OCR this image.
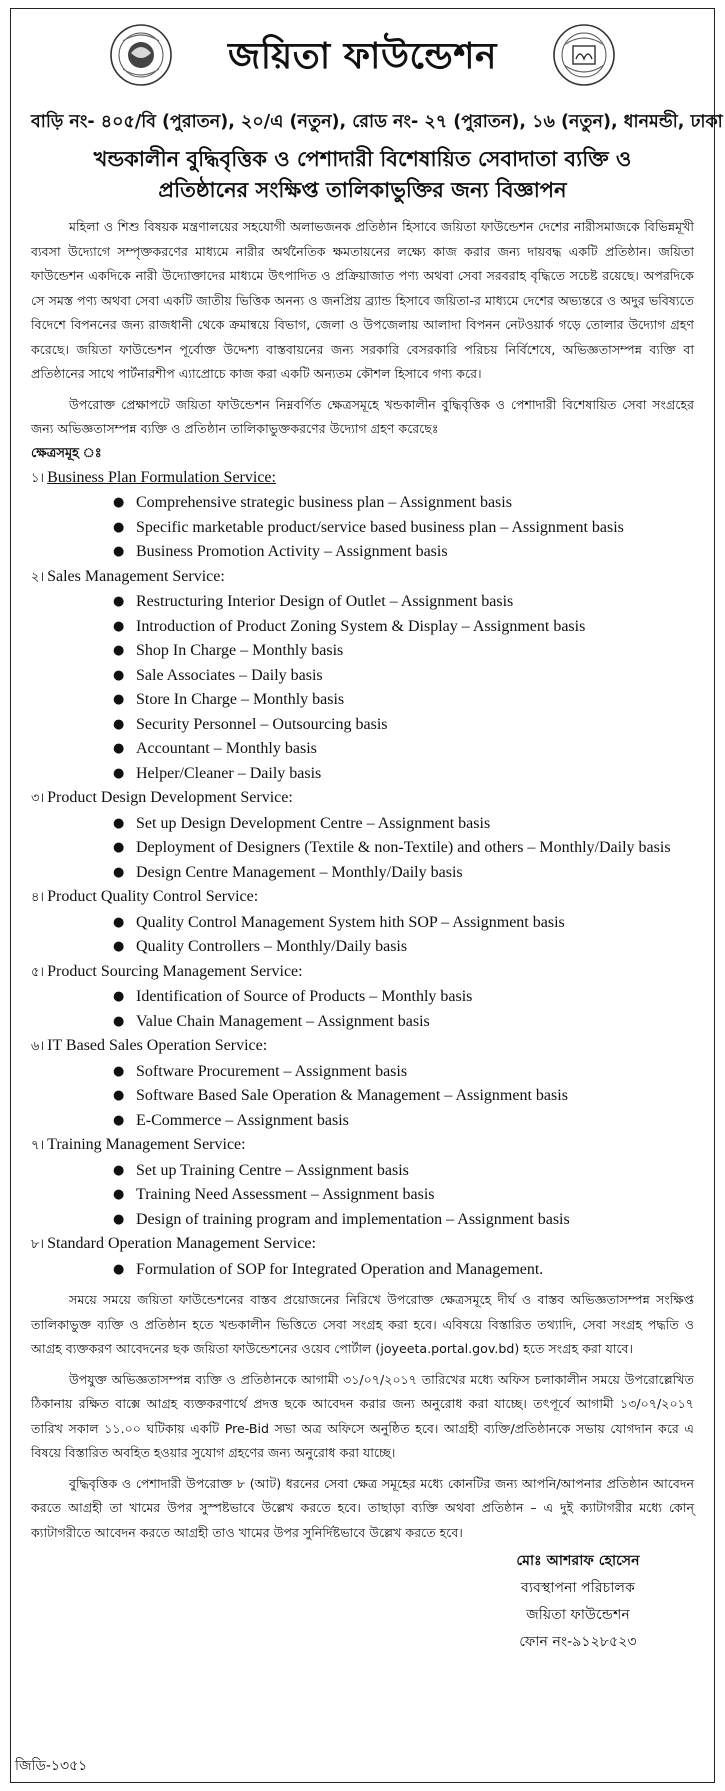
জয়িতা ফাউন্ডেশন
বাড়ি নং- ৪০৫/বি (পুরাতন), ২০/এ (নতুন), রোড নং- ২৭ (পুরাতন), ১৬ (নতুন), ধানমন্ডী, ঢাকা
খন্ডকালীন বুদ্ধিবৃত্তিক ও পেশাদারী বিশেষায়িত সেবাদাতা ব্যক্তি ও
প্রতিষ্ঠানের সংক্ষিপ্ত তালিকাভুক্তির জন্য বিজ্ঞাপন

মহিলা ও শিশু বিষয়ক মন্ত্রণালয়ের সহযোগী অলাভজনক প্রতিষ্ঠান হিসাবে জয়িতা ফাউন্ডেশন দেশের নারীসমাজকে বিভিন্নমূখী ব্যবসা উদ্যোগে সম্পৃক্তকরণের মাধ্যমে নারীর অর্থনৈতিক ক্ষমতায়নের লক্ষ্যে কাজ করার জন্য দায়বদ্ধ একটি প্রতিষ্ঠান। জয়িতা ফাউন্ডেশন একদিকে নারী উদ্যোক্তাদের মাধ্যমে উৎপাদিত ও প্রক্রিয়াজাত পণ্য অথবা সেবা সরবরাহ বৃদ্ধিতে সচেষ্ট রয়েছে। অপরদিকে সে সমস্ত পণ্য অথবা সেবা একটি জাতীয় ভিত্তিক অনন্য ও জনপ্রিয় ব্র্যান্ড হিসাবে জয়িতা-র মাধ্যমে দেশের অভ্যন্তরে ও অদুর ভবিষ্যতে বিদেশে বিপননের জন্য রাজধানী থেকে ক্রমান্বয়ে বিভাগ, জেলা ও উপজেলায় আলাদা বিপনন নেটওয়ার্ক গড়ে তোলার উদ্যোগ গ্রহণ করেছে। জয়িতা ফাউন্ডেশন পূর্বোক্ত উদ্দেশ্য বাস্তবায়নের জন্য সরকারি বেসরকারি পরিচয় নির্বিশেষে, অভিজ্ঞতাসম্পন্ন ব্যক্তি বা প্রতিষ্ঠানের সাথে পার্টনারশীপ এ্যাপ্রোচে কাজ করা একটি অন্যতম কৌশল হিসাবে গণ্য করে।

উপরোক্ত প্রেক্ষাপটে জয়িতা ফাউন্ডেশন নিম্নবর্ণিত ক্ষেত্রসমূহে খন্ডকালীন বুদ্ধিবৃত্তিক ও পেশাদারী বিশেষায়িত সেবা সংগ্রহের জন্য অভিজ্ঞতাসম্পন্ন ব্যক্তি ও প্রতিষ্ঠান তালিকাভুক্তকরণের উদ্যোগ গ্রহণ করেছেঃ

ক্ষেত্রসমূহ ঃ
১। Business Plan Formulation Service:
● Comprehensive strategic business plan – Assignment basis
● Specific marketable product/service based business plan – Assignment basis
● Business Promotion Activity – Assignment basis
২। Sales Management Service:
● Restructuring Interior Design of Outlet – Assignment basis
● Introduction of Product Zoning System & Display – Assignment basis
● Shop In Charge – Monthly basis
● Sale Associates – Daily basis
● Store In Charge – Monthly basis
● Security Personnel – Outsourcing basis
● Accountant – Monthly basis
● Helper/Cleaner – Daily basis
৩। Product Design Development Service:
● Set up Design Development Centre – Assignment basis
● Deployment of Designers (Textile & non-Textile) and others – Monthly/Daily basis
● Design Centre Management – Monthly/Daily basis
৪। Product Quality Control Service:
● Quality Control Management System hith SOP – Assignment basis
● Quality Controllers – Monthly/Daily basis
৫। Product Sourcing Management Service:
● Identification of Source of Products – Monthly basis
● Value Chain Management – Assignment basis
৬। IT Based Sales Operation Service:
● Software Procurement – Assignment basis
● Software Based Sale Operation & Management – Assignment basis
● E-Commerce – Assignment basis
৭। Training Management Service:
● Set up Training Centre – Assignment basis
● Training Need Assessment – Assignment basis
● Design of training program and implementation – Assignment basis
৮। Standard Operation Management Service:
● Formulation of SOP for Integrated Operation and Management.

সময়ে সময়ে জয়িতা ফাউন্ডেশনের বাস্তব প্রয়োজনের নিরিখে উপরোক্ত ক্ষেত্রসমূহে দীর্ঘ ও বাস্তব অভিজ্ঞতাসম্পন্ন সংক্ষিপ্ত তালিকাভুক্ত ব্যক্তি ও প্রতিষ্ঠান হতে খন্ডকালীন ভিত্তিতে সেবা সংগ্রহ করা হবে। এবিষয়ে বিস্তারিত তথ্যাদি, সেবা সংগ্রহ পদ্ধতি ও আগ্রহ ব্যক্তকরণ আবেদনের ছক জয়িতা ফাউন্ডেশনের ওয়েব পোর্টাল (joyeeta.portal.gov.bd) হতে সংগ্রহ করা যাবে।

উপযুক্ত অভিজ্ঞতাসম্পন্ন ব্যক্তি ও প্রতিষ্ঠানকে আগামী ৩১/০৭/২০১৭ তারিখের মধ্যে অফিস চলাকালীন সময়ে উপরোল্লেখিত ঠিকানায় রক্ষিত বাক্সে আগ্রহ ব্যক্তকরণার্থে প্রদত্ত ছকে আবেদন করার জন্য অনুরোধ করা যাচ্ছে। তৎপূর্বে আগামী ১৩/০৭/২০১৭ তারিখ সকাল ১১.০০ ঘটিকায় একটি Pre-Bid সভা অত্র অফিসে অনুষ্ঠিত হবে। আগ্রহী ব্যক্তি/প্রতিষ্ঠানকে সভায় যোগদান করে এ বিষয়ে বিস্তারিত অবহিত হওয়ার সুযোগ গ্রহণের জন্য অনুরোধ করা যাচ্ছে।

বুদ্ধিবৃত্তিক ও পেশাদারী উপরোক্ত ৮ (আট) ধরনের সেবা ক্ষেত্র সমূহের মধ্যে কোনটির জন্য আপনি/আপনার প্রতিষ্ঠান আবেদন করতে আগ্রহী তা খামের উপর সুস্পষ্টভাবে উল্লেখ করতে হবে। তাছাড়া ব্যক্তি অথবা প্রতিষ্ঠান – এ দুই ক্যাটাগরীর মধ্যে কোন্ ক্যাটাগরীতে আবেদন করতে আগ্রহী তাও খামের উপর সুনির্দিষ্টভাবে উল্লেখ করতে হবে।

মোঃ আশরাফ হোসেন
ব্যবস্থাপনা পরিচালক
জয়িতা ফাউন্ডেশন
ফোন নং-৯১২৮৫২৩
জিডি-১৩৫১
